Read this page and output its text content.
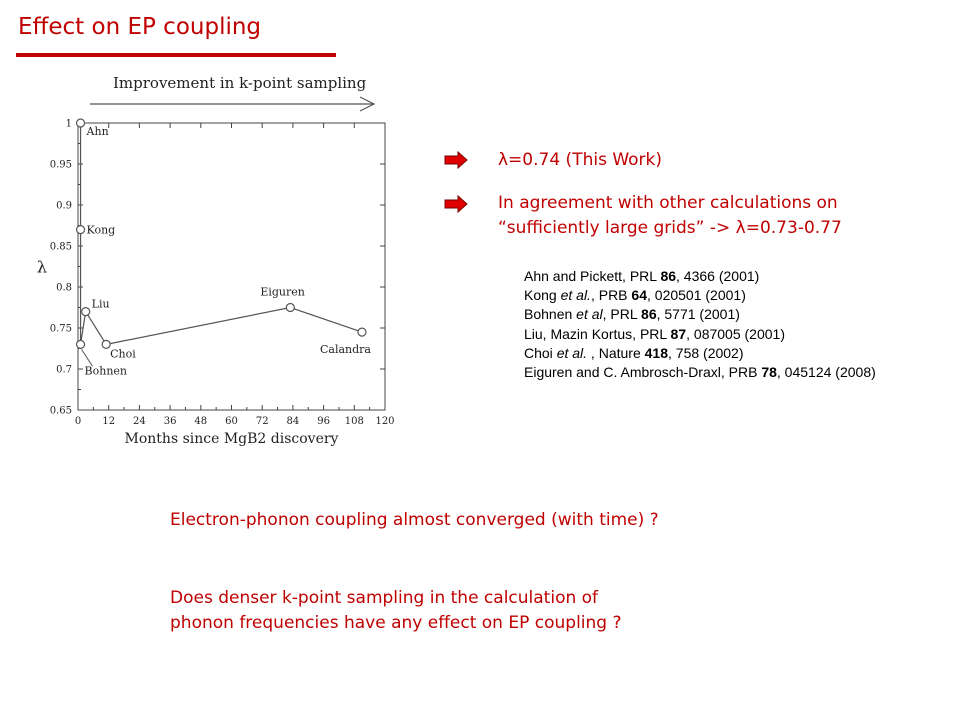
Effect on EP coupling
0 12 24 36 48 60 72 84 96 108 120
0.65
0.7
0.75
0.8
0.85
0.9
0.95
1
Months since MgB2 discovery
λ
Improvement in k-point sampling
Ahn
Kong
Liu
Bohnen
Choi
Eiguren
Calandra
λ=0.74 (This Work)
In agreement with other calculations on
“sufficiently large grids” -> λ=0.73-0.77
Ahn and Pickett, PRL 86, 4366 (2001)
Kong et al., PRB 64, 020501 (2001)
Bohnen et al, PRL 86, 5771 (2001)
Liu, Mazin Kortus, PRL 87, 087005 (2001)
Choi et al. , Nature 418, 758 (2002)
Eiguren and C. Ambrosch-Draxl, PRB 78, 045124 (2008)
Electron-phonon coupling almost converged (with time) ?
Does denser k-point sampling in the calculation of
phonon frequencies have any effect on EP coupling ?
